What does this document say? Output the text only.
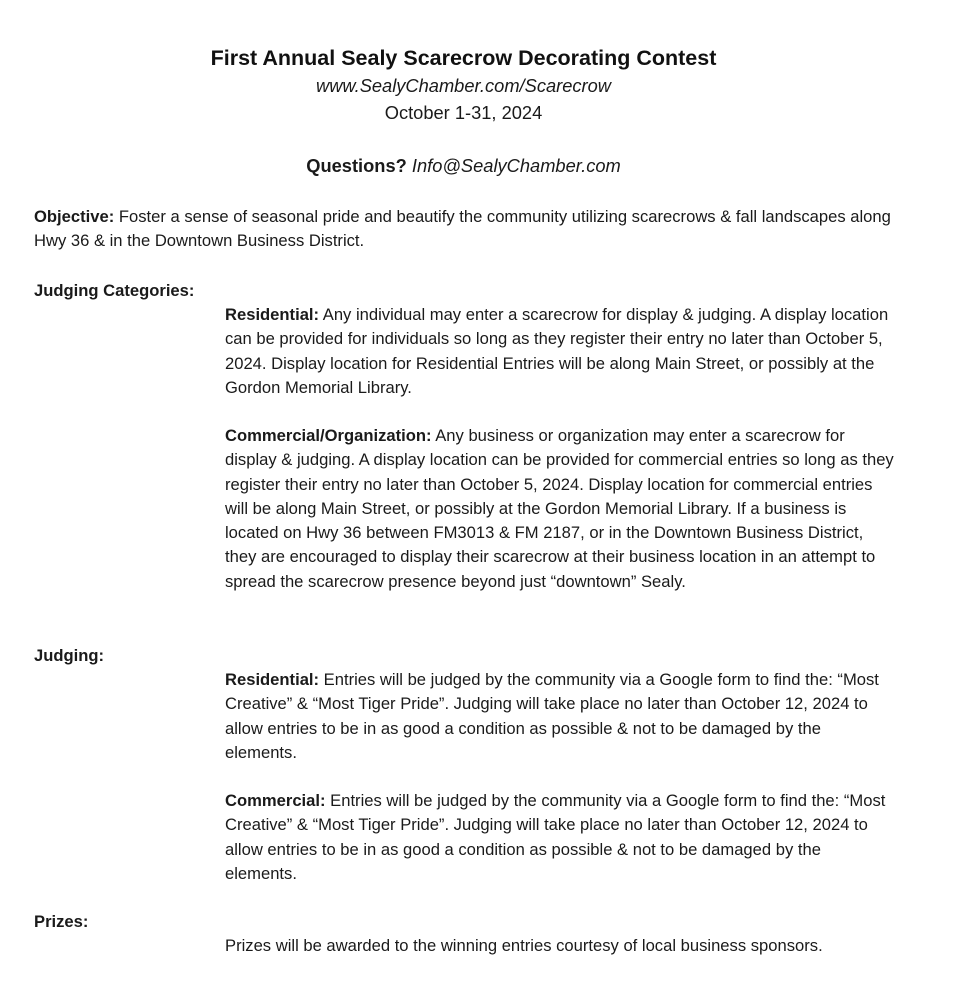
First Annual Sealy Scarecrow Decorating Contest
www.SealyChamber.com/Scarecrow
October 1-31, 2024
Questions? Info@SealyChamber.com
Objective: Foster a sense of seasonal pride and beautify the community utilizing scarecrows & fall landscapes along Hwy 36 & in the Downtown Business District.
Judging Categories:
Residential: Any individual may enter a scarecrow for display & judging. A display location can be provided for individuals so long as they register their entry no later than October 5, 2024. Display location for Residential Entries will be along Main Street, or possibly at the Gordon Memorial Library.
Commercial/Organization: Any business or organization may enter a scarecrow for display & judging. A display location can be provided for commercial entries so long as they register their entry no later than October 5, 2024. Display location for commercial entries will be along Main Street, or possibly at the Gordon Memorial Library. If a business is located on Hwy 36 between FM3013 & FM 2187, or in the Downtown Business District, they are encouraged to display their scarecrow at their business location in an attempt to spread the scarecrow presence beyond just “downtown” Sealy.
Judging:
Residential: Entries will be judged by the community via a Google form to find the: “Most Creative” & “Most Tiger Pride”. Judging will take place no later than October 12, 2024 to allow entries to be in as good a condition as possible & not to be damaged by the elements.
Commercial: Entries will be judged by the community via a Google form to find the: “Most Creative” & “Most Tiger Pride”. Judging will take place no later than October 12, 2024 to allow entries to be in as good a condition as possible & not to be damaged by the elements.
Prizes:
Prizes will be awarded to the winning entries courtesy of local business sponsors.
